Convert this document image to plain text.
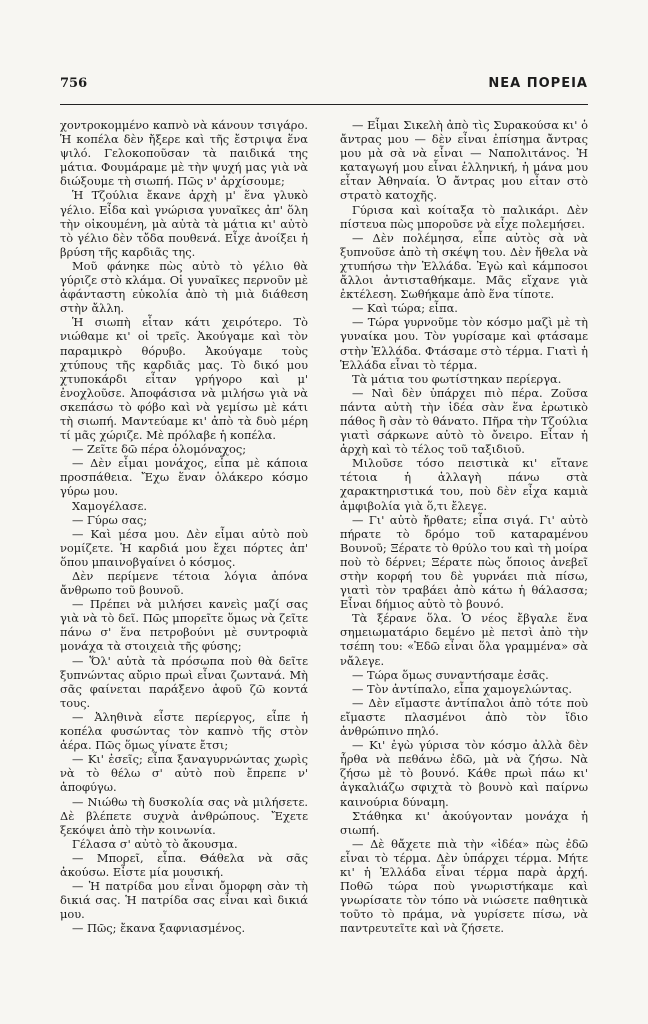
756	ΝΕΑ ΠΟΡΕΙΑ

χοντροκομμένο καπνὸ νὰ κάνουν τσιγάρο. Ἡ κοπέλα δὲν ἤξερε καὶ τῆς ἔστριψα ἕνα ψιλό. Γελοκοποῦσαν τὰ παιδικά της μάτια. Φουμάραμε μὲ τὴν ψυχή μας γιὰ νὰ διώξουμε τὴ σιωπή. Πῶς ν' ἀρχίσουμε;

Ἡ Τζούλια ἔκανε ἀρχὴ μ' ἕνα γλυκὸ γέλιο. Εἶδα καὶ γνώρισα γυναῖκες ἀπ' ὅλη τὴν οἰκουμένη, μὰ αὐτὰ τὰ μάτια κι' αὐτὸ τὸ γέλιο δὲν τὄδα πουθενά. Εἶχε ἀνοίξει ἡ βρύση τῆς καρδιᾶς της.

Μοῦ φάνηκε πὼς αὐτὸ τὸ γέλιο θὰ γύριζε στὸ κλάμα. Οἱ γυναῖκες περνοῦν μὲ ἀφάνταστη εὐκολία ἀπὸ τὴ μιὰ διάθεση στὴν ἄλλη.

Ἡ σιωπὴ εἶταν κάτι χειρότερο. Τὸ νιώθαμε κι' οἱ τρεῖς. Ἀκούγαμε καὶ τὸν παραμικρὸ θόρυβο. Ἀκούγαμε τοὺς χτύπους τῆς καρδιᾶς μας. Τὸ δικό μου χτυποκάρδι εἶταν γρήγορο καὶ μ' ἐνοχλοῦσε. Ἀποφάσισα νὰ μιλήσω γιὰ νὰ σκεπάσω τὸ φόβο καὶ νὰ γεμίσω μὲ κάτι τὴ σιωπή. Μαντεύαμε κι' ἀπὸ τὰ δυὸ μέρη τί μᾶς χώριζε. Μὲ πρόλαβε ἡ κοπέλα.

— Ζεῖτε δῶ πέρα ὁλομόναχος;

— Δὲν εἶμαι μονάχος, εἶπα μὲ κάποια προσπάθεια. Ἔχω ἕναν ὁλάκερο κόσμο γύρω μου.

Χαμογέλασε.

— Γύρω σας;

— Καὶ μέσα μου. Δὲν εἶμαι αὐτὸ ποὺ νομίζετε. Ἡ καρδιά μου ἔχει πόρτες ἀπ' ὅπου μπαινοβγαίνει ὁ κόσμος.

Δὲν περίμενε τέτοια λόγια ἀπόνα ἄνθρωπο τοῦ βουνοῦ.

— Πρέπει νὰ μιλήσει κανεὶς μαζί σας γιὰ νὰ τὸ δεῖ. Πῶς μπορεῖτε ὅμως νὰ ζεῖτε πάνω σ' ἕνα πετροβούνι μὲ συντροφιὰ μονάχα τὰ στοιχειὰ τῆς φύσης;

— Ὅλ' αὐτὰ τὰ πρόσωπα ποὺ θὰ δεῖτε ξυπνώντας αὔριο πρωὶ εἶναι ζωντανά. Μὴ σᾶς φαίνεται παράξενο ἀφοῦ ζῶ κοντά τους.

— Ἀληθινὰ εἶστε περίεργος, εἶπε ἡ κοπέλα φυσώντας τὸν καπνὸ τῆς στὸν ἀέρα. Πῶς ὅμως γίνατε ἔτσι;

— Κι' ἐσεῖς; εἶπα ξαναγυρνώντας χωρὶς νὰ τὸ θέλω σ' αὐτὸ ποὺ ἔπρεπε ν' ἀποφύγω.

— Νιώθω τὴ δυσκολία σας νὰ μιλήσετε. Δὲ βλέπετε συχνὰ ἀνθρώπους. Ἔχετε ξεκόψει ἀπὸ τὴν κοινωνία.

Γέλασα σ' αὐτὸ τὸ ἄκουσμα.

— Μπορεῖ, εἶπα. Θάθελα νὰ σᾶς ἀκούσω. Εἶστε μία μουσική.

— Ἡ πατρίδα μου εἶναι ὄμορφη σὰν τὴ δικιά σας. Ἡ πατρίδα σας εἶναι καὶ δικιά μου.

— Πῶς; ἔκανα ξαφνιασμένος.

— Εἶμαι Σικελὴ ἀπὸ τὶς Συρακούσα κι' ὁ ἄντρας μου — δὲν εἶναι ἐπίσημα ἄντρας μου μὰ σὰ νὰ εἶναι — Ναπολιτάνος. Ἡ καταγωγή μου εἶναι ἑλληνική, ἡ μάνα μου εἶταν Ἀθηναία. Ὁ ἄντρας μου εἶταν στὸ στρατὸ κατοχῆς.

Γύρισα καὶ κοίταξα τὸ παλικάρι. Δὲν πίστευα πὼς μποροῦσε νὰ εἶχε πολεμήσει.

— Δὲν πολέμησα, εἶπε αὐτὸς σὰ νὰ ξυπνοῦσε ἀπὸ τὴ σκέψη του. Δὲν ἤθελα νὰ χτυπήσω τὴν Ἑλλάδα. Ἐγὼ καὶ κάμποσοι ἄλλοι ἀντισταθήκαμε. Μᾶς εἴχανε γιὰ ἐκτέλεση. Σωθήκαμε ἀπὸ ἕνα τίποτε.

— Καὶ τώρα; εἶπα.

— Τώρα γυρνοῦμε τὸν κόσμο μαζὶ μὲ τὴ γυναίκα μου. Τὸν γυρίσαμε καὶ φτάσαμε στὴν Ἑλλάδα. Φτάσαμε στὸ τέρμα. Γιατὶ ἡ Ἑλλάδα εἶναι τὸ τέρμα.

Τὰ μάτια του φωτίστηκαν περίεργα.

— Ναὶ δὲν ὑπάρχει πιὸ πέρα. Ζοῦσα πάντα αὐτὴ τὴν ἰδέα σὰν ἕνα ἐρωτικὸ πάθος ἢ σὰν τὸ θάνατο. Πῆρα τὴν Τζούλια γιατὶ σάρκωνε αὐτὸ τὸ ὄνειρο. Εἶταν ἡ ἀρχὴ καὶ τὸ τέλος τοῦ ταξιδιοῦ.

Μιλοῦσε τόσο πειστικὰ κι' εἴτανε τέτοια ἡ ἀλλαγὴ πάνω στὰ χαρακτηριστικά του, ποὺ δὲν εἶχα καμιὰ ἀμφιβολία γιὰ ὅ,τι ἔλεγε.

— Γι' αὐτὸ ἤρθατε; εἶπα σιγά. Γι' αὐτὸ πήρατε τὸ δρόμο τοῦ καταραμένου Βουνοῦ; Ξέρατε τὸ θρύλο του καὶ τὴ μοίρα ποὺ τὸ δέρνει; Ξέρατε πὼς ὅποιος ἀνεβεῖ στὴν κορφή του δὲ γυρνάει πιὰ πίσω, γιατὶ τὸν τραβάει ἀπὸ κάτω ἡ θάλασσα; Εἶναι δήμιος αὐτὸ τὸ βουνό.

Τὰ ξέρανε ὅλα. Ὁ νέος ἔβγαλε ἕνα σημειωματάριο δεμένο μὲ πετσὶ ἀπὸ τὴν τσέπη του: «Ἐδῶ εἶναι ὅλα γραμμένα» σὰ νἄλεγε.

— Τώρα ὅμως συναντήσαμε ἐσᾶς.

— Τὸν ἀντίπαλο, εἶπα χαμογελώντας.

— Δὲν εἴμαστε ἀντίπαλοι ἀπὸ τότε ποὺ εἴμαστε πλασμένοι ἀπὸ τὸν ἴδιο ἀνθρώπινο πηλό.

— Κι' ἐγὼ γύρισα τὸν κόσμο ἀλλὰ δὲν ἦρθα νὰ πεθάνω ἐδῶ, μὰ νὰ ζήσω. Νὰ ζήσω μὲ τὸ βουνό. Κάθε πρωὶ πάω κι' ἀγκαλιάζω σφιχτὰ τὸ βουνὸ καὶ παίρνω καινούρια δύναμη.

Στάθηκα κι' ἀκούγονταν μονάχα ἡ σιωπή.

— Δὲ θἄχετε πιὰ τὴν «ἰδέα» πὼς ἐδῶ εἶναι τὸ τέρμα. Δὲν ὑπάρχει τέρμα. Μήτε κι' ἡ Ἑλλάδα εἶναι τέρμα παρὰ ἀρχή. Ποθῶ τώρα ποὺ γνωριστήκαμε καὶ γνωρίσατε τὸν τόπο νὰ νιώσετε παθητικὰ τοῦτο τὸ πράμα, νὰ γυρίσετε πίσω, νὰ παντρευτεῖτε καὶ νὰ ζήσετε.
